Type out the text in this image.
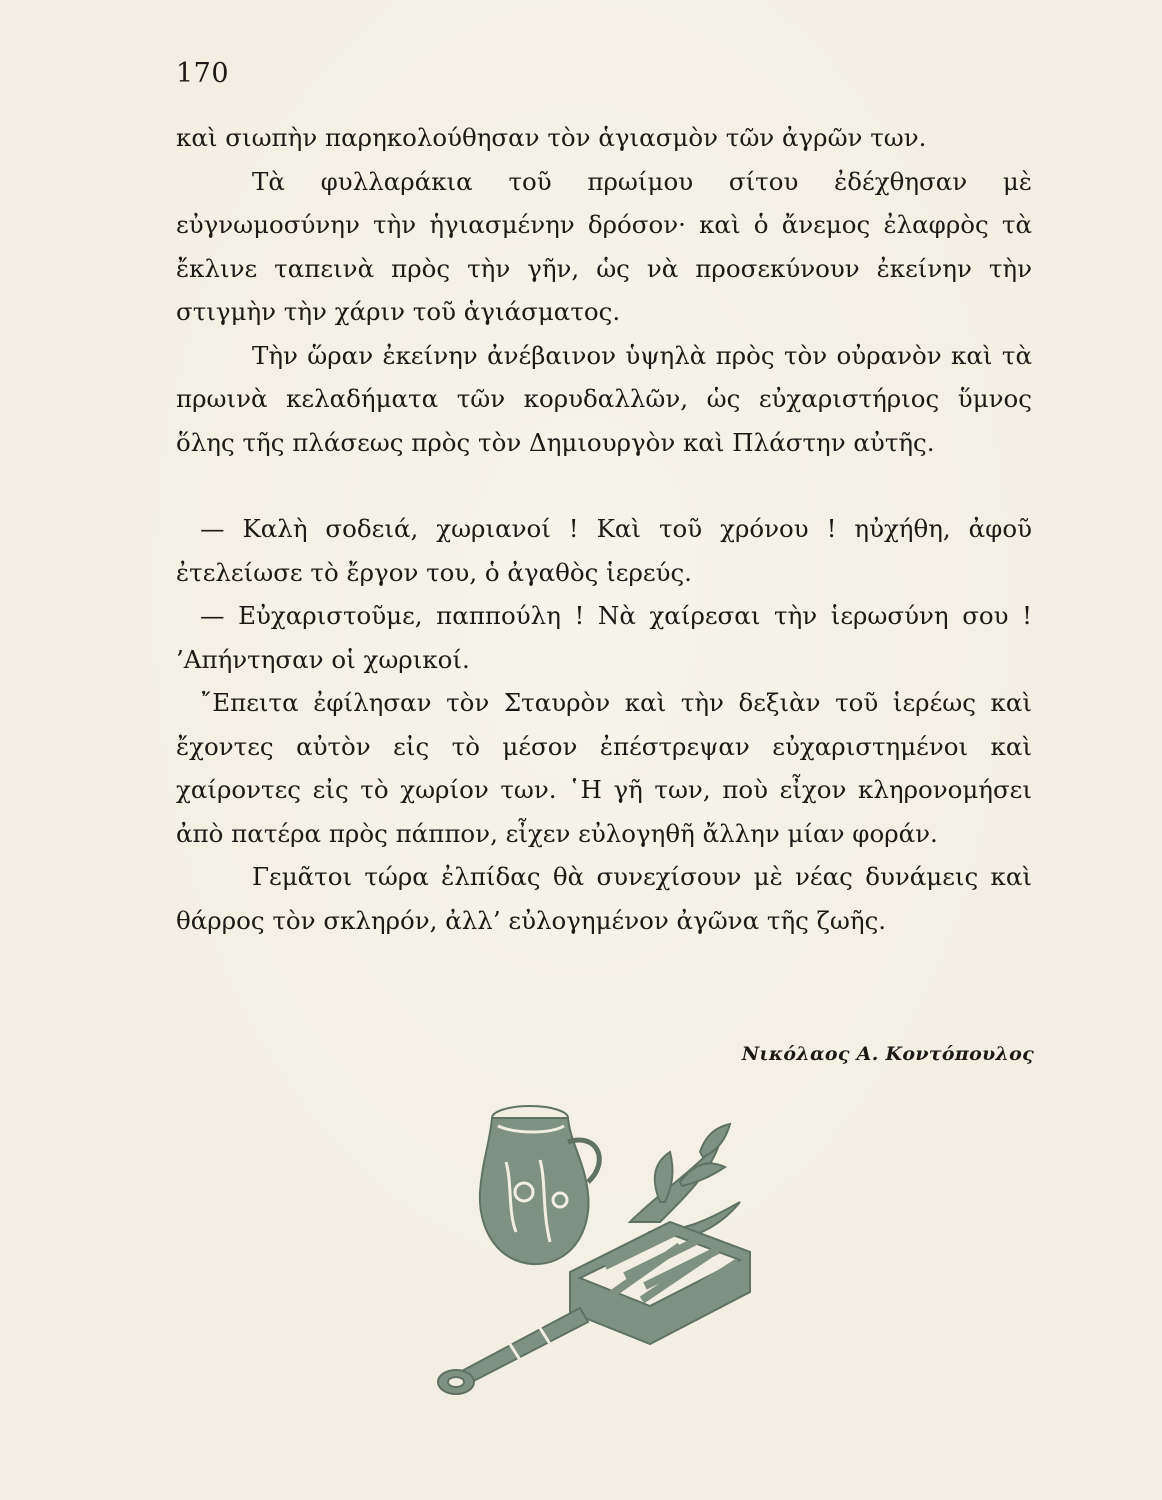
170

καὶ σιωπὴν παρηκολούθησαν τὸν ἁγιασμὸν τῶν ἀγρῶν των.

Τὰ φυλλαράκια τοῦ πρωίμου σίτου ἐδέχθησαν μὲ εὐγνωμοσύνην τὴν ἡγιασμένην δρόσον· καὶ ὁ ἄνεμος ἐλαφρὸς τὰ ἔκλινε ταπεινὰ πρὸς τὴν γῆν, ὡς νὰ προσεκύνουν ἐκείνην τὴν στιγμὴν τὴν χάριν τοῦ ἁγιάσματος.

Τὴν ὥραν ἐκείνην ἀνέβαινον ὑψηλὰ πρὸς τὸν οὐρανὸν καὶ τὰ πρωινὰ κελαδήματα τῶν κορυδαλλῶν, ὡς εὐχαριστήριος ὕμνος ὅλης τῆς πλάσεως πρὸς τὸν Δημιουργὸν καὶ Πλάστην αὐτῆς.

— Καλὴ σοδειά, χωριανοί ! Καὶ τοῦ χρόνου ! ηὐχήθη, ἀφοῦ ἐτελείωσε τὸ ἔργον του, ὁ ἀγαθὸς ἱερεύς.

— Εὐχαριστοῦμε, παππούλη ! Νὰ χαίρεσαι τὴν ἱερωσύνη σου ! ’Απήντησαν οἱ χωρικοί.

῎Επειτα ἐφίλησαν τὸν Σταυρὸν καὶ τὴν δεξιὰν τοῦ ἱερέως καὶ ἔχοντες αὐτὸν εἰς τὸ μέσον ἐπέστρεψαν εὐχαριστημένοι καὶ χαίροντες εἰς τὸ χωρίον των. ῾Η γῆ των, ποὺ εἶχον κληρονομήσει ἀπὸ πατέρα πρὸς πάππον, εἶχεν εὐλογηθῆ ἄλλην μίαν φοράν.

Γεμᾶτοι τώρα ἐλπίδας θὰ συνεχίσουν μὲ νέας δυνάμεις καὶ θάρρος τὸν σκληρόν, ἀλλ’ εὐλογημένον ἀγῶνα τῆς ζωῆς.

Νικόλαος Α. Κοντόπουλος
